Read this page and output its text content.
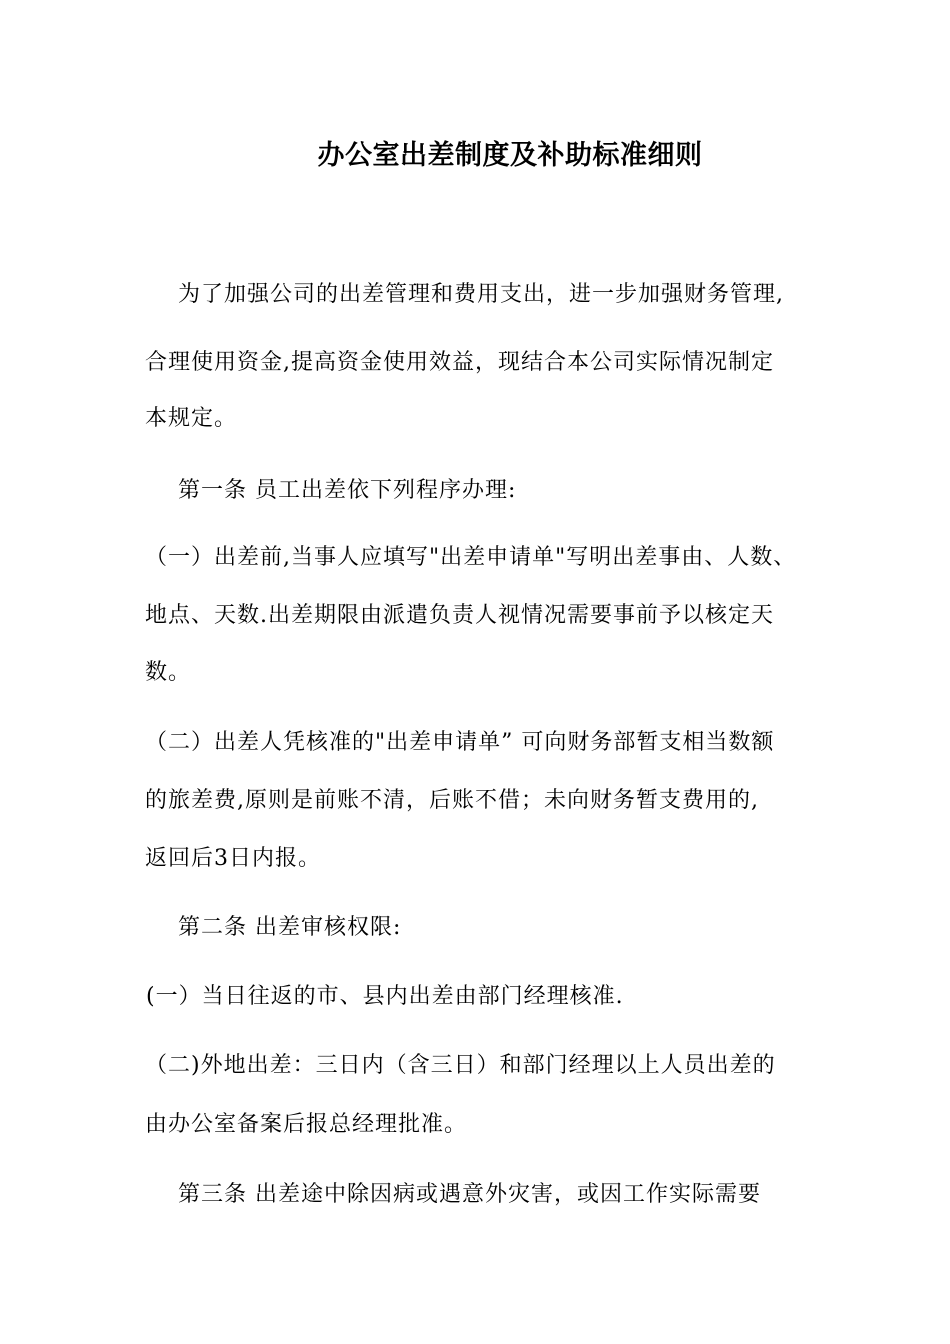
办公室出差制度及补助标准细则
为了加强公司的出差管理和费用支出，进一步加强财务管理,
合理使用资金,提高资金使用效益，现结合本公司实际情况制定
本规定。
第一条 员工出差依下列程序办理:
（一）出差前,当事人应填写"出差申请单"写明出差事由、人数、
地点、天数.出差期限由派遣负责人视情况需要事前予以核定天
数。
（二）出差人凭核准的"出差申请单” 可向财务部暂支相当数额
的旅差费,原则是前账不清，后账不借；未向财务暂支费用的,
返回后3日内报。
第二条 出差审核权限:
(一）当日往返的市、县内出差由部门经理核准.
（二)外地出差：三日内（含三日）和部门经理以上人员出差的
由办公室备案后报总经理批准。
第三条 出差途中除因病或遇意外灾害，或因工作实际需要
